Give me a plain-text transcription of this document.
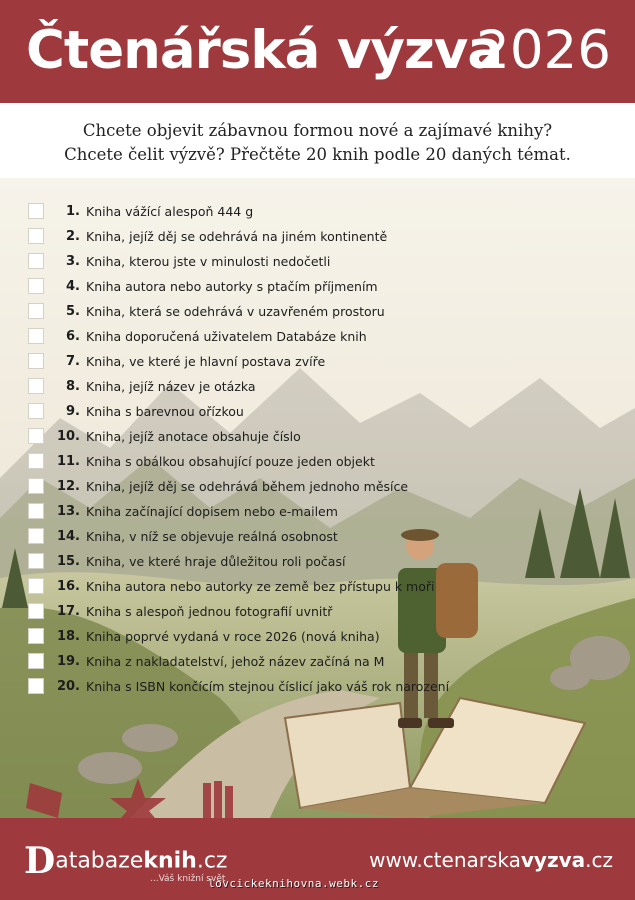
Čtenářská výzva
2026
Chcete objevit zábavnou formou nové a zajímavé knihy?
Chcete čelit výzvě? Přečtěte 20 knih podle 20 daných témat.
1. Kniha vážící alespoň 444 g
2. Kniha, jejíž děj se odehrává na jiném kontinentě
3. Kniha, kterou jste v minulosti nedočetli
4. Kniha autora nebo autorky s ptačím příjmením
5. Kniha, která se odehrává v uzavřeném prostoru
6. Kniha doporučená uživatelem Databáze knih
7. Kniha, ve které je hlavní postava zvíře
8. Kniha, jejíž název je otázka
9. Kniha s barevnou ořízkou
10. Kniha, jejíž anotace obsahuje číslo
11. Kniha s obálkou obsahující pouze jeden objekt
12. Kniha, jejíž děj se odehrává během jednoho měsíce
13. Kniha začínající dopisem nebo e-mailem
14. Kniha, v níž se objevuje reálná osobnost
15. Kniha, ve které hraje důležitou roli počasí
16. Kniha autora nebo autorky ze země bez přístupu k moři
17. Kniha s alespoň jednou fotografií uvnitř
18. Kniha poprvé vydaná v roce 2026 (nová kniha)
19. Kniha z nakladatelství, jehož název začíná na M
20. Kniha s ISBN končícím stejnou číslicí jako váš rok narození
Databazeknih.cz
...Váš knižní svět
www.ctenarskavyzva.cz
lovcickeknihovna.webk.cz
